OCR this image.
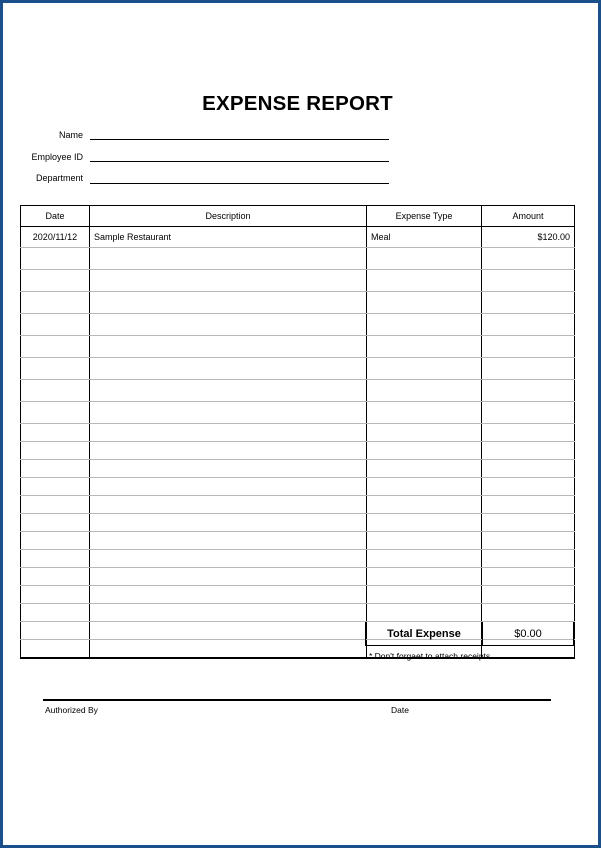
EXPENSE REPORT
Name
Employee ID
Department
Date	Description	Expense Type	Amount
2020/11/12	Sample Restaurant	Meal	$120.00

Total Expense	$0.00
* Don't forgaet to attach receipts
Authorized By	Date
